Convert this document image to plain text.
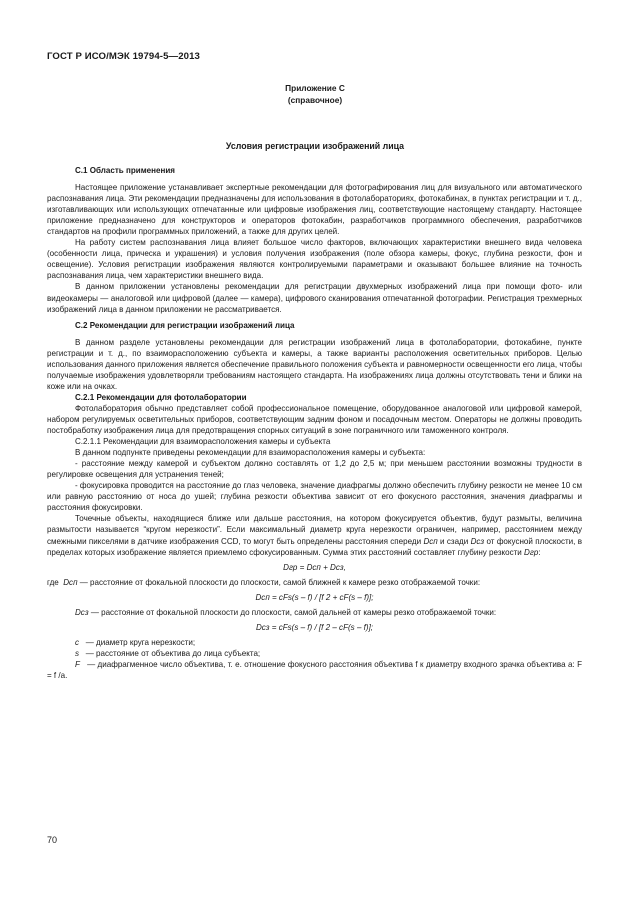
ГОСТ Р ИСО/МЭК 19794-5—2013
Приложение С
(справочное)
Условия регистрации изображений лица

С.1 Область применения

Настоящее приложение устанавливает экспертные рекомендации для фотографирования лиц для визуального или автоматического распознавания лица. Эти рекомендации предназначены для использования в фотолабораториях, фотокабинах, в пунктах регистрации и т. д., изготавливающих или использующих отпечатанные или цифровые изображения лиц, соответствующие настоящему стандарту. Настоящее приложение предназначено для конструкторов и операторов фотокабин, разработчиков программного обеспечения, разработчиков стандартов на профили программных приложений, а также для других целей.

На работу систем распознавания лица влияет большое число факторов, включающих характеристики внешнего вида человека (особенности лица, прическа и украшения) и условия получения изображения (поле обзора камеры, фокус, глубина резкости, фон и освещение). Условия регистрации изображения являются контролируемыми параметрами и оказывают большее влияние на точность распознавания лица, чем характеристики внешнего вида.

В данном приложении установлены рекомендации для регистрации двухмерных изображений лица при помощи фото- или видеокамеры — аналоговой или цифровой (далее — камера), цифрового сканирования отпечатанной фотографии. Регистрация трехмерных изображений лица в данном приложении не рассматривается.

С.2 Рекомендации для регистрации изображений лица

В данном разделе установлены рекомендации для регистрации изображений лица в фотолаборатории, фотокабине, пункте регистрации и т. д., по взаиморасположению субъекта и камеры, а также варианты расположения осветительных приборов. Целью использования данного приложения является обеспечение правильного положения субъекта и равномерности освещенности его лица, чтобы получаемые изображения удовлетворяли требованиям настоящего стандарта. На изображениях лица должны отсутствовать тени и блики на коже или на очках.

С.2.1 Рекомендации для фотолаборатории

Фотолаборатория обычно представляет собой профессиональное помещение, оборудованное аналоговой или цифровой камерой, набором регулируемых осветительных приборов, соответствующим задним фоном и посадочным местом. Операторы не должны проводить постобработку изображения лица для предотвращения спорных ситуаций в зоне пограничного или таможенного контроля.

С.2.1.1 Рекомендации для взаиморасположения камеры и субъекта

В данном подпункте приведены рекомендации для взаиморасположения камеры и субъекта:

- расстояние между камерой и субъектом должно составлять от 1,2 до 2,5 м; при меньшем расстоянии возможны трудности в регулировке освещения для устранения теней;

- фокусировка проводится на расстояние до глаз человека, значение диафрагмы должно обеспечить глубину резкости не менее 10 см или равную расстоянию от носа до ушей; глубина резкости объектива зависит от его фокусного расстояния, значения диафрагмы и расстояния фокусировки.

Точечные объекты, находящиеся ближе или дальше расстояния, на котором фокусируется объектив, будут размыты, величина размытости называется “кругом нерезкости”. Если максимальный диаметр круга нерезкости ограничен, например, расстоянием между смежными пикселями в датчике изображения CCD, то могут быть определены расстояния спереди Dсп и сзади Dсз от фокусной плоскости, в пределах которых изображение является приемлемо сфокусированным. Сумма этих расстояний составляет глубину резкости Dгр:

Dгр = Dсп + Dсз,

где Dсп — расстояние от фокальной плоскости до плоскости, самой ближней к камере резко отображаемой точки:

Dсп = cFs(s – f) / [f 2 + cF(s – f)];

Dсз — расстояние от фокальной плоскости до плоскости, самой дальней от камеры резко отображаемой точки:

Dсз = cFs(s – f) / [f 2 – cF(s – f)];

c — диаметр круга нерезкости;

s — расстояние от объектива до лица субъекта;

F — диафрагменное число объектива, т. е. отношение фокусного расстояния объектива f к диаметру входного зрачка объектива a: F = f /a.

70
